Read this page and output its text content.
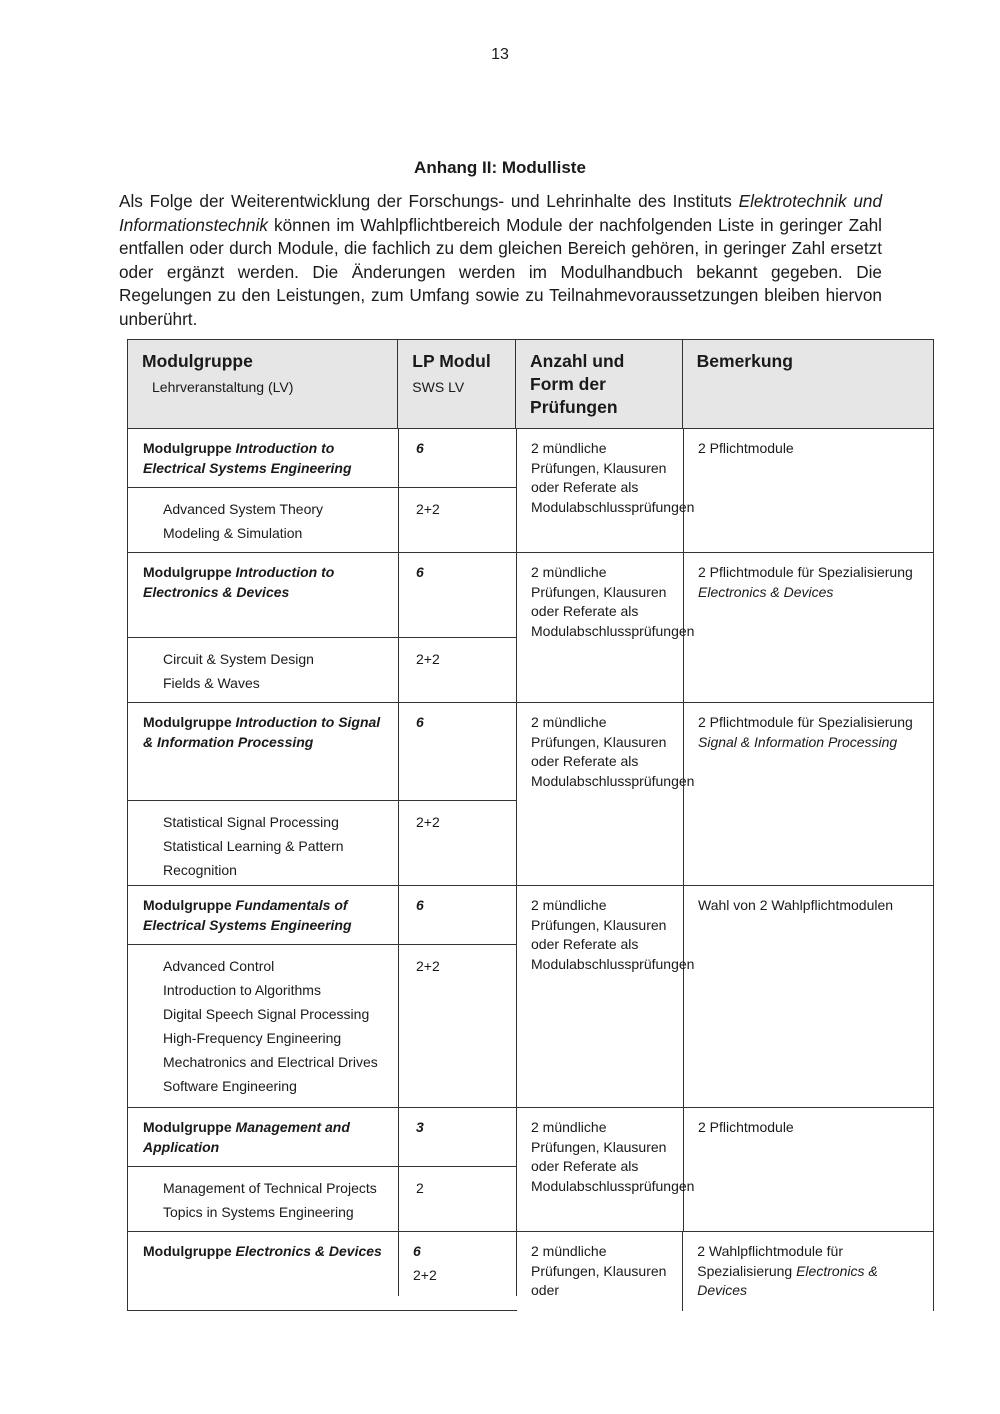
13
Anhang II: Modulliste
Als Folge der Weiterentwicklung der Forschungs- und Lehrinhalte des Instituts Elektrotechnik und Informationstechnik können im Wahlpflichtbereich Module der nachfolgenden Liste in geringer Zahl entfallen oder durch Module, die fachlich zu dem gleichen Bereich gehören, in geringer Zahl ersetzt oder ergänzt werden. Die Änderungen werden im Modulhandbuch bekannt gegeben. Die Regelungen zu den Leistungen, zum Umfang sowie zu Teilnahmevoraussetzungen bleiben hiervon unberührt.
Modulgruppe
Lehrveranstaltung (LV)
LP Modul
SWS LV
Anzahl und Form der Prüfungen
Bemerkung
Modulgruppe Introduction to Electrical Systems Engineering
6
Advanced System Theory
Modeling & Simulation
2+2
2 mündliche Prüfungen, Klausuren oder Referate als Modulabschlussprüfungen
2 Pflichtmodule
Modulgruppe Introduction to Electronics & Devices
6
Circuit & System Design
Fields & Waves
2+2
2 mündliche Prüfungen, Klausuren oder Referate als Modulabschlussprüfungen
2 Pflichtmodule für Spezialisierung
Electronics & Devices
Modulgruppe Introduction to Signal & Information Processing
6
Statistical Signal Processing
Statistical Learning & Pattern Recognition
2+2
2 mündliche Prüfungen, Klausuren oder Referate als Modulabschlussprüfungen
2 Pflichtmodule für Spezialisierung
Signal & Information Processing
Modulgruppe Fundamentals of Electrical Systems Engineering
6
Advanced Control
Introduction to Algorithms
Digital Speech Signal Processing
High-Frequency Engineering
Mechatronics and Electrical Drives
Software Engineering
2+2
2 mündliche Prüfungen, Klausuren oder Referate als Modulabschlussprüfungen
Wahl von 2 Wahlpflichtmodulen
Modulgruppe Management and Application
3
Management of Technical Projects
Topics in Systems Engineering
2
2 mündliche Prüfungen, Klausuren oder Referate als Modulabschlussprüfungen
2 Pflichtmodule
Modulgruppe Electronics & Devices	6
2+2
2 mündliche Prüfungen, Klausuren oder
2 Wahlpflichtmodule für Spezialisierung Electronics & Devices
